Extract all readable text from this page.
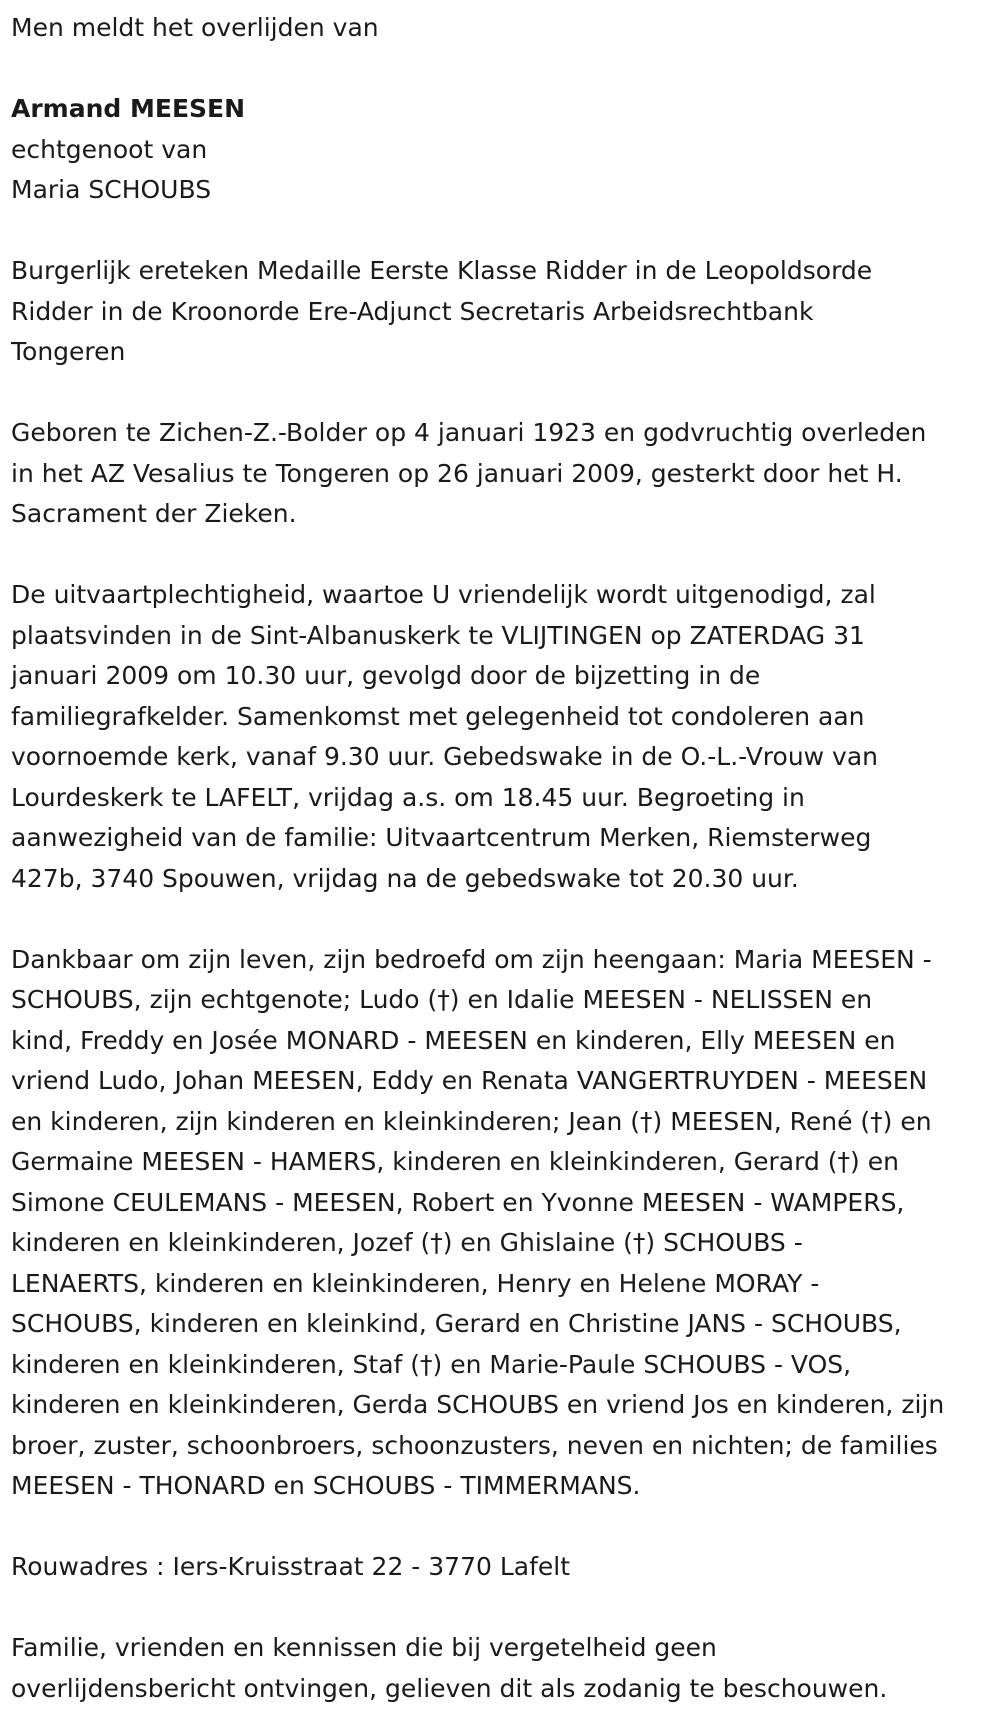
Men meldt het overlijden van

Armand MEESEN

echtgenoot van

Maria SCHOUBS

Burgerlijk ereteken Medaille Eerste Klasse Ridder in de Leopoldsorde
Ridder in de Kroonorde Ere-Adjunct Secretaris Arbeidsrechtbank
Tongeren

Geboren te Zichen-Z.-Bolder op 4 januari 1923 en godvruchtig overleden
in het AZ Vesalius te Tongeren op 26 januari 2009, gesterkt door het H.
Sacrament der Zieken.

De uitvaartplechtigheid, waartoe U vriendelijk wordt uitgenodigd, zal
plaatsvinden in de Sint-Albanuskerk te VLIJTINGEN op ZATERDAG 31
januari 2009 om 10.30 uur, gevolgd door de bijzetting in de
familiegrafkelder. Samenkomst met gelegenheid tot condoleren aan
voornoemde kerk, vanaf 9.30 uur. Gebedswake in de O.-L.-Vrouw van
Lourdeskerk te LAFELT, vrijdag a.s. om 18.45 uur. Begroeting in
aanwezigheid van de familie: Uitvaartcentrum Merken, Riemsterweg
427b, 3740 Spouwen, vrijdag na de gebedswake tot 20.30 uur.

Dankbaar om zijn leven, zijn bedroefd om zijn heengaan: Maria MEESEN -
SCHOUBS, zijn echtgenote; Ludo (†) en Idalie MEESEN - NELISSEN en
kind, Freddy en Josée MONARD - MEESEN en kinderen, Elly MEESEN en
vriend Ludo, Johan MEESEN, Eddy en Renata VANGERTRUYDEN - MEESEN
en kinderen, zijn kinderen en kleinkinderen; Jean (†) MEESEN, René (†) en
Germaine MEESEN - HAMERS, kinderen en kleinkinderen, Gerard (†) en
Simone CEULEMANS - MEESEN, Robert en Yvonne MEESEN - WAMPERS,
kinderen en kleinkinderen, Jozef (†) en Ghislaine (†) SCHOUBS -
LENAERTS, kinderen en kleinkinderen, Henry en Helene MORAY -
SCHOUBS, kinderen en kleinkind, Gerard en Christine JANS - SCHOUBS,
kinderen en kleinkinderen, Staf (†) en Marie-Paule SCHOUBS - VOS,
kinderen en kleinkinderen, Gerda SCHOUBS en vriend Jos en kinderen, zijn
broer, zuster, schoonbroers, schoonzusters, neven en nichten; de families
MEESEN - THONARD en SCHOUBS - TIMMERMANS.

Rouwadres : Iers-Kruisstraat 22 - 3770 Lafelt

Familie, vrienden en kennissen die bij vergetelheid geen
overlijdensbericht ontvingen, gelieven dit als zodanig te beschouwen.
